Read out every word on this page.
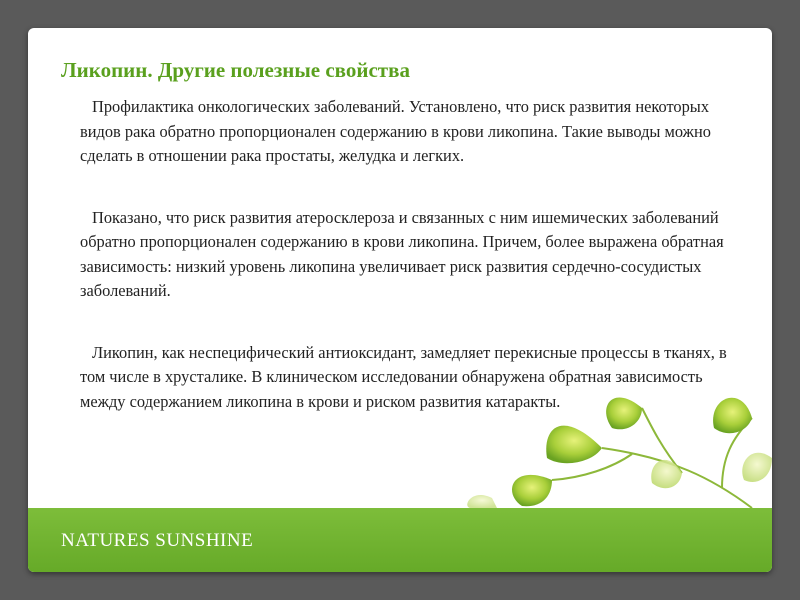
Ликопин. Другие полезные свойства

Профилактика онкологических заболеваний. Установлено, что риск развития некоторых видов рака обратно пропорционален содержанию в крови ликопина. Такие выводы можно сделать в отношении рака простаты, желудка и легких.

Показано, что риск развития атеросклероза и связанных с ним ишемических заболеваний обратно пропорционален содержанию в крови ликопина. Причем, более выражена обратная зависимость: низкий уровень ликопина увеличивает риск развития сердечно-сосудистых заболеваний.

Ликопин, как неспецифический антиоксидант, замедляет перекисные процессы в тканях, в том числе в хрусталике. В клиническом исследовании обнаружена обратная зависимость между содержанием ликопина в крови и риском развития катаракты.

NATURES SUNSHINE
